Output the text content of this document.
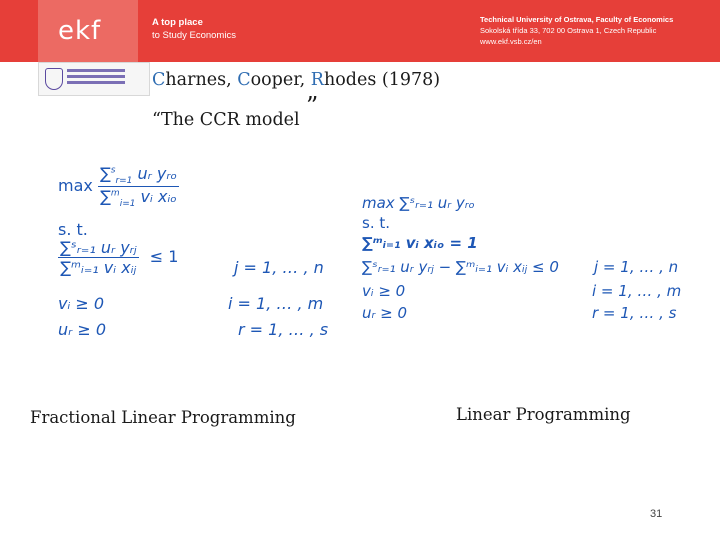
ekf	A top place
to Study Economics
Technical University of Ostrava, Faculty of Economics
Sokolská třída 33, 702 00 Ostrava 1, Czech Republic
www.ekf.vsb.cz/en
Charnes, Cooper, Rhodes (1978)
“The CCR model ”
$\max \frac{\sum^s_{r=1} uᵣ yᵣ_o}{\sum^m_{i=1} vᵢ xᵢ_o}$
s. t.
$\frac{\text{∑ˢᵣ₌₁ uᵣ yᵣⱼ}}{\text{∑ᵐᵢ₌₁ vᵢ xᵢⱼ}} \le 1$
j = 1, … , n
vᵢ ≥ 0	i = 1, … , m
uᵣ ≥ 0	r = 1, … , s
max ∑ˢᵣ₌₁ uᵣ yᵣₒ
s. t.
∑ᵐᵢ₌₁ vᵢ xᵢₒ = 1
∑ˢᵣ₌₁ uᵣ yᵣⱼ − ∑ᵐᵢ₌₁ vᵢ xᵢⱼ ≤ 0 j = 1, … , n
vᵢ ≥ 0	i = 1, … , m
uᵣ ≥ 0	r = 1, … , s
Fractional Linear Programming	Linear Programming
31
